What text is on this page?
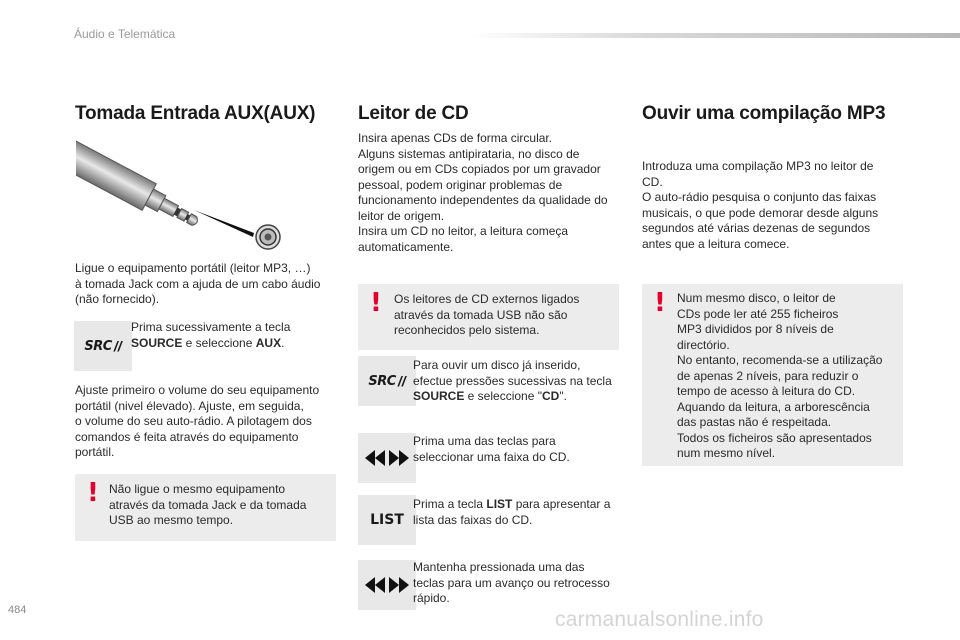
Áudio e Telemática
Tomada Entrada AUX(AUX)
Ligue o equipamento portátil (leitor MP3, …)
à tomada Jack com a ajuda de um cabo áudio
(não fornecido).
SRC //
Prima sucessivamente a tecla
SOURCE e seleccione AUX.
Ajuste primeiro o volume do seu equipamento
portátil (nivel élevado). Ajuste, em seguida,
o volume do seu auto-rádio. A pilotagem dos
comandos é feita através do equipamento
portátil.
! Não ligue o mesmo equipamento
através da tomada Jack e da tomada
USB ao mesmo tempo.
Leitor de CD
Insira apenas CDs de forma circular.
Alguns sistemas antipirataria, no disco de
origem ou em CDs copiados por um gravador
pessoal, podem originar problemas de
funcionamento independentes da qualidade do
leitor de origem.
Insira um CD no leitor, a leitura começa
automaticamente.
! Os leitores de CD externos ligados
através da tomada USB não são
reconhecidos pelo sistema.
SRC //
Para ouvir um disco já inserido,
efectue pressões sucessivas na tecla
SOURCE e seleccione "CD".
Prima uma das teclas para
seleccionar uma faixa do CD.
LIST
Prima a tecla LIST para apresentar a
lista das faixas do CD.
Mantenha pressionada uma das
teclas para um avanço ou retrocesso
rápido.
Ouvir uma compilação MP3
Introduza uma compilação MP3 no leitor de
CD.
O auto-rádio pesquisa o conjunto das faixas
musicais, o que pode demorar desde alguns
segundos até várias dezenas de segundos
antes que a leitura comece.
! Num mesmo disco, o leitor de
CDs pode ler até 255 ficheiros
MP3 divididos por 8 níveis de
directório.
No entanto, recomenda-se a utilização
de apenas 2 níveis, para reduzir o
tempo de acesso à leitura do CD.
Aquando da leitura, a arborescência
das pastas não é respeitada.
Todos os ficheiros são apresentados
num mesmo nível.
484	carmanualsonline.info
